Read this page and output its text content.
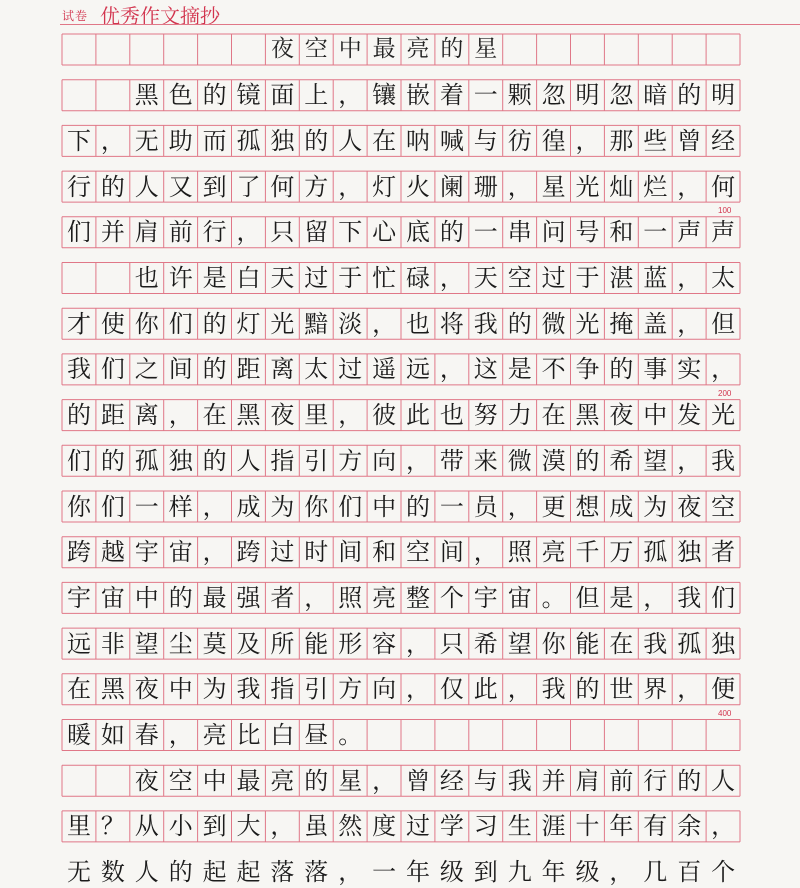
试卷 优秀作文摘抄
夜 空 中 最 亮 的 星
黑 色 的 镜 面 上 ， 镶 嵌 着 一 颗 忽 明 忽 暗 的 明
下 ， 无 助 而 孤 独 的 人 在 呐 喊 与 彷 徨 ， 那 些 曾 经
行 的 人 又 到 了 何 方 ， 灯 火 阑 珊 ， 星 光 灿 烂 ， 何
们 并 肩 前 行 ， 只 留 下 心 底 的 一 串 问 号 和 一 声 声
也 许 是 白 天 过 于 忙 碌 ， 天 空 过 于 湛 蓝 ， 太
才 使 你 们 的 灯 光 黯 淡 ， 也 将 我 的 微 光 掩 盖 ， 但
我 们 之 间 的 距 离 太 过 遥 远 ， 这 是 不 争 的 事 实 ，
的 距 离 ， 在 黑 夜 里 ， 彼 此 也 努 力 在 黑 夜 中 发 光
们 的 孤 独 的 人 指 引 方 向 ， 带 来 微 漠 的 希 望 ， 我
你 们 一 样 ， 成 为 你 们 中 的 一 员 ， 更 想 成 为 夜 空
跨 越 宇 宙 ， 跨 过 时 间 和 空 间 ， 照 亮 千 万 孤 独 者
宇 宙 中 的 最 强 者 ， 照 亮 整 个 宇 宙 。 但 是 ， 我 们
远 非 望 尘 莫 及 所 能 形 容 ， 只 希 望 你 能 在 我 孤 独
在 黑 夜 中 为 我 指 引 方 向 ， 仅 此 ， 我 的 世 界 ， 便
暖 如 春 ， 亮 比 白 昼 。
夜 空 中 最 亮 的 星 ， 曾 经 与 我 并 肩 前 行 的 人
里 ？ 从 小 到 大 ， 虽 然 度 过 学 习 生 涯 十 年 有 余 ，
无 数 人 的 起 起 落 落 ， 一 年 级 到 九 年 级 ， 几 百 个
100
200
400
